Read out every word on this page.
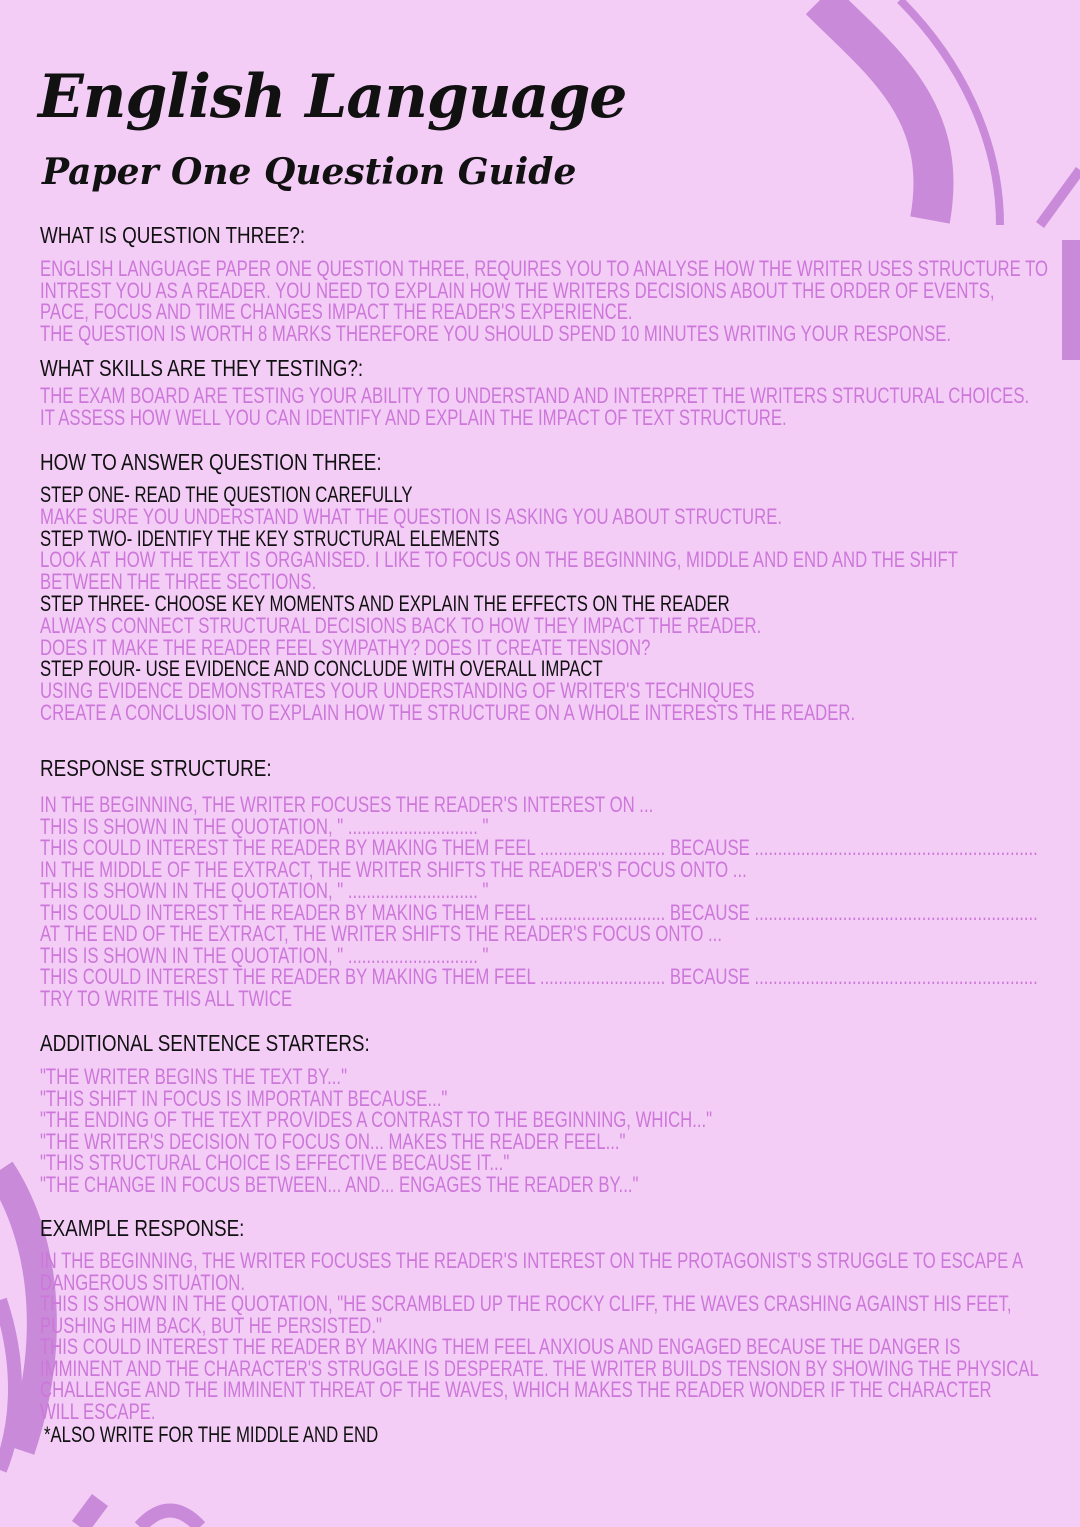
English Language
Paper One Question Guide
WHAT IS QUESTION THREE?:
ENGLISH LANGUAGE PAPER ONE QUESTION THREE, REQUIRES YOU TO ANALYSE HOW THE WRITER USES STRUCTURE TO
INTREST YOU AS A READER. YOU NEED TO EXPLAIN HOW THE WRITERS DECISIONS ABOUT THE ORDER OF EVENTS,
PACE, FOCUS AND TIME CHANGES IMPACT THE READER'S EXPERIENCE.
THE QUESTION IS WORTH 8 MARKS THEREFORE YOU SHOULD SPEND 10 MINUTES WRITING YOUR RESPONSE.
WHAT SKILLS ARE THEY TESTING?:
THE EXAM BOARD ARE TESTING YOUR ABILITY TO UNDERSTAND AND INTERPRET THE WRITERS STRUCTURAL CHOICES.
IT ASSESS HOW WELL YOU CAN IDENTIFY AND EXPLAIN THE IMPACT OF TEXT STRUCTURE.
HOW TO ANSWER QUESTION THREE:
STEP ONE- READ THE QUESTION CAREFULLY
MAKE SURE YOU UNDERSTAND WHAT THE QUESTION IS ASKING YOU ABOUT STRUCTURE.
STEP TWO- IDENTIFY THE KEY STRUCTURAL ELEMENTS
LOOK AT HOW THE TEXT IS ORGANISED. I LIKE TO FOCUS ON THE BEGINNING, MIDDLE AND END AND THE SHIFT
BETWEEN THE THREE SECTIONS.
STEP THREE- CHOOSE KEY MOMENTS AND EXPLAIN THE EFFECTS ON THE READER
ALWAYS CONNECT STRUCTURAL DECISIONS BACK TO HOW THEY IMPACT THE READER.
DOES IT MAKE THE READER FEEL SYMPATHY? DOES IT CREATE TENSION?
STEP FOUR- USE EVIDENCE AND CONCLUDE WITH OVERALL IMPACT
USING EVIDENCE DEMONSTRATES YOUR UNDERSTANDING OF WRITER'S TECHNIQUES
CREATE A CONCLUSION TO EXPLAIN HOW THE STRUCTURE ON A WHOLE INTERESTS THE READER.
RESPONSE STRUCTURE:
IN THE BEGINNING, THE WRITER FOCUSES THE READER'S INTEREST ON ...
THIS IS SHOWN IN THE QUOTATION, " ............................ "
THIS COULD INTEREST THE READER BY MAKING THEM FEEL ........................... BECAUSE .............................................................
IN THE MIDDLE OF THE EXTRACT, THE WRITER SHIFTS THE READER'S FOCUS ONTO ...
THIS IS SHOWN IN THE QUOTATION, " ............................ "
THIS COULD INTEREST THE READER BY MAKING THEM FEEL ........................... BECAUSE .............................................................
AT THE END OF THE EXTRACT, THE WRITER SHIFTS THE READER'S FOCUS ONTO ...
THIS IS SHOWN IN THE QUOTATION, " ............................ "
THIS COULD INTEREST THE READER BY MAKING THEM FEEL ........................... BECAUSE .............................................................
TRY TO WRITE THIS ALL TWICE
ADDITIONAL SENTENCE STARTERS:
"THE WRITER BEGINS THE TEXT BY..."
"THIS SHIFT IN FOCUS IS IMPORTANT BECAUSE..."
"THE ENDING OF THE TEXT PROVIDES A CONTRAST TO THE BEGINNING, WHICH..."
"THE WRITER'S DECISION TO FOCUS ON... MAKES THE READER FEEL..."
"THIS STRUCTURAL CHOICE IS EFFECTIVE BECAUSE IT..."
"THE CHANGE IN FOCUS BETWEEN... AND... ENGAGES THE READER BY..."
EXAMPLE RESPONSE:
IN THE BEGINNING, THE WRITER FOCUSES THE READER'S INTEREST ON THE PROTAGONIST'S STRUGGLE TO ESCAPE A
DANGEROUS SITUATION.
THIS IS SHOWN IN THE QUOTATION, "HE SCRAMBLED UP THE ROCKY CLIFF, THE WAVES CRASHING AGAINST HIS FEET,
PUSHING HIM BACK, BUT HE PERSISTED."
THIS COULD INTEREST THE READER BY MAKING THEM FEEL ANXIOUS AND ENGAGED BECAUSE THE DANGER IS
IMMINENT AND THE CHARACTER'S STRUGGLE IS DESPERATE. THE WRITER BUILDS TENSION BY SHOWING THE PHYSICAL
CHALLENGE AND THE IMMINENT THREAT OF THE WAVES, WHICH MAKES THE READER WONDER IF THE CHARACTER
WILL ESCAPE.
*ALSO WRITE FOR THE MIDDLE AND END
